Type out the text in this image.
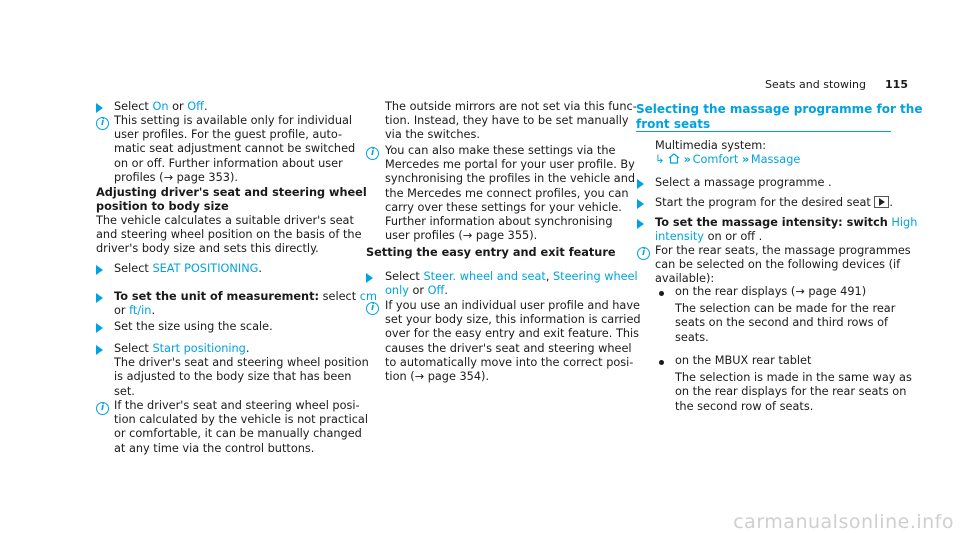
Seats and stowing 115
Select On or Off.
i This setting is available only for individual
user profiles. For the guest profile, auto-
matic seat adjustment cannot be switched
on or off. Further information about user
profiles (→ page 353).
Adjusting driver's seat and steering wheel
position to body size
The vehicle calculates a suitable driver's seat
and steering wheel position on the basis of the
driver's body size and sets this directly.
Select SEAT POSITIONING.
To set the unit of measurement: select cm
or ft/in.
Set the size using the scale.
Select Start positioning.
The driver's seat and steering wheel position
is adjusted to the body size that has been
set.
i If the driver's seat and steering wheel posi-
tion calculated by the vehicle is not practical
or comfortable, it can be manually changed
at any time via the control buttons.
The outside mirrors are not set via this func-
tion. Instead, they have to be set manually
via the switches.
i You can also make these settings via the
Mercedes me portal for your user profile. By
synchronising the profiles in the vehicle and
the Mercedes me connect profiles, you can
carry over these settings for your vehicle.
Further information about synchronising
user profiles (→ page 355).
Setting the easy entry and exit feature
Select Steer. wheel and seat, Steering wheel
only or Off.
i If you use an individual user profile and have
set your body size, this information is carried
over for the easy entry and exit feature. This
causes the driver's seat and steering wheel
to automatically move into the correct posi-
tion (→ page 354).
Selecting the massage programme for the
front seats
Multimedia system:
↳ ›› Comfort ›› Massage
Select a massage programme .
Start the program for the desired seat .
To set the massage intensity: switch High
intensity on or off .
i For the rear seats, the massage programmes
can be selected on the following devices (if
available):
on the rear displays (→ page 491)
The selection can be made for the rear
seats on the second and third rows of
seats.
on the MBUX rear tablet
The selection is made in the same way as
on the rear displays for the rear seats on
the second row of seats.
carmanualsonline.info
